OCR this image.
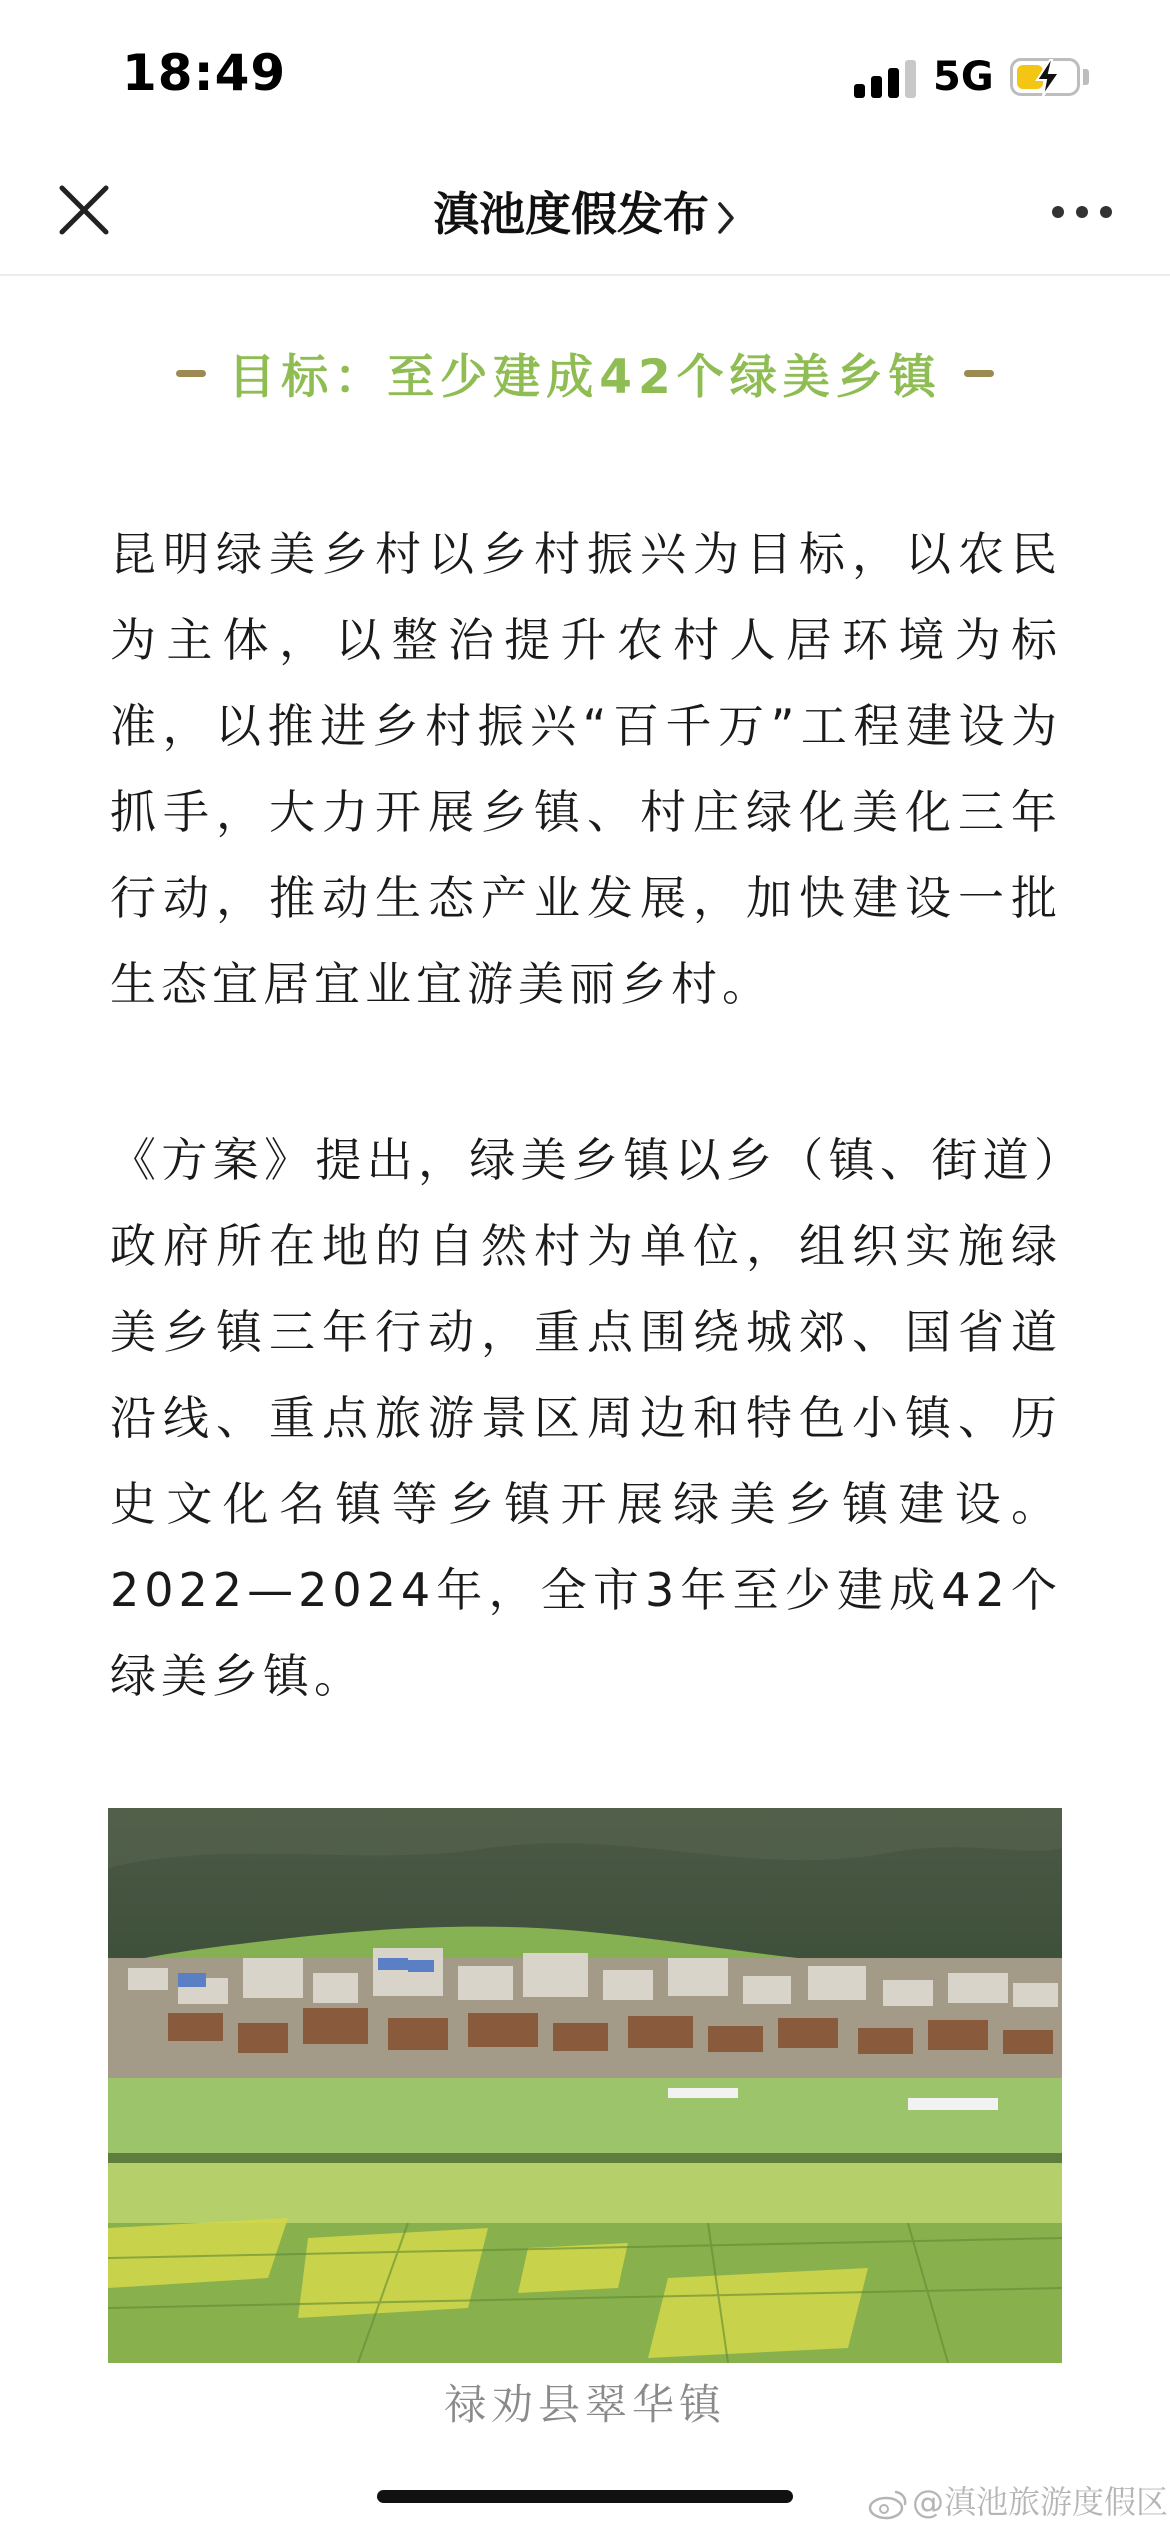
18:49	5G
滇池度假发布
目标：至少建成42个绿美乡镇

昆明绿美乡村以乡村振兴为目标，以农民为主体，以整治提升农村人居环境为标准，以推进乡村振兴“百千万”工程建设为抓手，大力开展乡镇、村庄绿化美化三年行动，推动生态产业发展，加快建设一批生态宜居宜业宜游美丽乡村。

《方案》提出，绿美乡镇以乡（镇、街道）政府所在地的自然村为单位，组织实施绿美乡镇三年行动，重点围绕城郊、国省道沿线、重点旅游景区周边和特色小镇、历史文化名镇等乡镇开展绿美乡镇建设。2022—2024年，全市3年至少建成42个绿美乡镇。

禄劝县翠华镇
@滇池旅游度假区
